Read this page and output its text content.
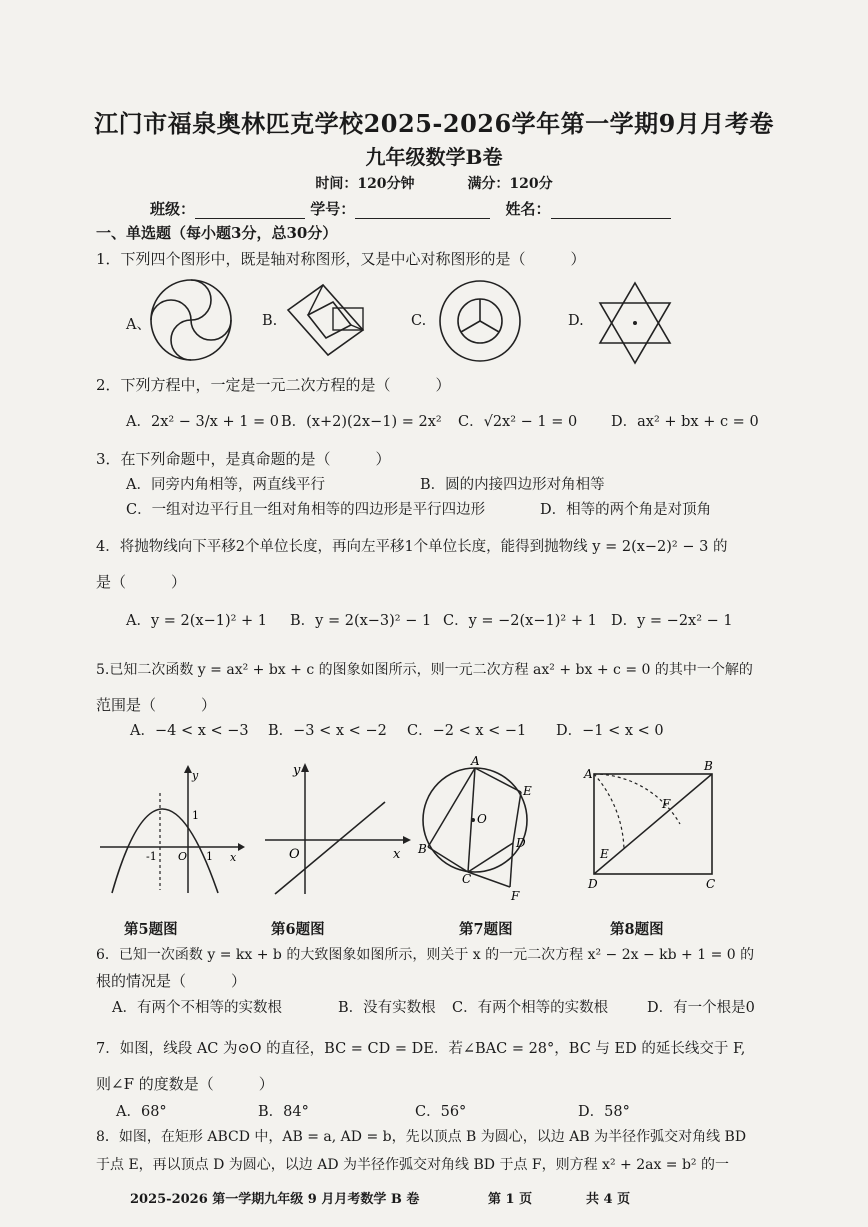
江门市福泉奥林匹克学校2025-2026学年第一学期9月月考卷
九年级数学B卷
时间：120分钟	满分：120分
班级：	学号：	姓名：
一、单选题（每小题3分，总30分）
1．下列四个图形中，既是轴对称图形，又是中心对称图形的是（　　　）
A、	B.	C.	D.
2．下列方程中，一定是一元二次方程的是（　　　）
A．2x² − 3/x + 1 = 0 B．(x+2)(2x−1) = 2x² C．√2x² − 1 = 0 D．ax² + bx + c = 0
3．在下列命题中，是真命题的是（　　　）
A．同旁内角相等，两直线平行	B．圆的内接四边形对角相等
C．一组对边平行且一组对角相等的四边形是平行四边形	D．相等的两个角是对顶角
4．将抛物线向下平移2个单位长度，再向左平移1个单位长度，能得到抛物线 y = 2(x−2)² − 3 的
是（　　　）
A．y = 2(x−1)² + 1 B．y = 2(x−3)² − 1 C．y = −2(x−1)² + 1 D．y = −2x² − 1
5.已知二次函数 y = ax² + bx + c 的图象如图所示，则一元二次方程 ax² + bx + c = 0 的其中一个解的
范围是（　　　）
A．−4 < x < −3 B．−3 < x < −2 C．−2 < x < −1 D．−1 < x < 0
y
x
O
-1	1
1
y
x
O
A
B
C
D
E
F
O
A
B
C
D
E
F
第5题图	第6题图	第7题图	第8题图
6．已知一次函数 y = kx + b 的大致图象如图所示，则关于 x 的一元二次方程 x² − 2x − kb + 1 = 0 的
根的情况是（　　　）
A．有两个不相等的实数根	B．没有实数根 C．有两个相等的实数根	D．有一个根是0
7．如图，线段 AC 为⊙O 的直径，BC = CD = DE．若∠BAC = 28°，BC 与 ED 的延长线交于 F,
则∠F 的度数是（　　　）
A．68°	B．84°	C．56°	D．58°
8．如图，在矩形 ABCD 中，AB = a, AD = b，先以顶点 B 为圆心，以边 AB 为半径作弧交对角线 BD
于点 E，再以顶点 D 为圆心，以边 AD 为半径作弧交对角线 BD 于点 F，则方程 x² + 2ax = b² 的一
2025-2026 第一学期九年级 9 月月考数学 B 卷	第 1 页	共 4 页
